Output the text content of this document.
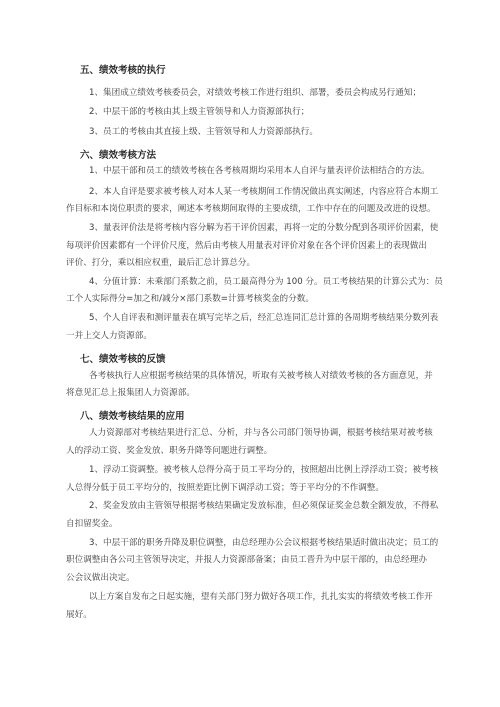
五、绩效考核的执行
1、集团成立绩效考核委员会，对绩效考核工作进行组织、部署，委员会构成另行通知；
2、中层干部的考核由其上级主管领导和人力资源部执行；
3、员工的考核由其直接上级、主管领导和人力资源部执行。
六、绩效考核方法
1、中层干部和员工的绩效考核在各考核周期均采用本人自评与量表评价法相结合的方法。
2、本人自评是要求被考核人对本人某一考核期间工作情况做出真实阐述，内容应符合本期工
作目标和本岗位职责的要求，阐述本考核期间取得的主要成绩，工作中存在的问题及改进的设想。
3、量表评价法是将考核内容分解为若干评价因素，再将一定的分数分配到各项评价因素，使
每项评价因素都有一个评价尺度，然后由考核人用量表对评价对象在各个评价因素上的表现做出
评价、打分，乘以相应权重，最后汇总计算总分。
4、分值计算：未乘部门系数之前，员工最高得分为 100 分。员工考核结果的计算公式为：员
工个人实际得分=加之和/减分×部门系数=计算考核奖金的分数。
5、个人自评表和测评量表在填写完毕之后，经汇总连同汇总计算的各周期考核结果分数列表
一并上交人力资源部。
七、绩效考核的反馈
各考核执行人应根据考核结果的具体情况，听取有关被考核人对绩效考核的各方面意见，并
将意见汇总上报集团人力资源部。
八、绩效考核结果的应用
人力资源部对考核结果进行汇总、分析，并与各公司部门领导协调，根据考核结果对被考核
人的浮动工资、奖金发放、职务升降等问题进行调整。
1、浮动工资调整。被考核人总得分高于员工平均分的，按照超出比例上浮浮动工资；被考核
人总得分低于员工平均分的，按照差距比例下调浮动工资；等于平均分的不作调整。
2、奖金发放由主管领导根据考核结果确定发放标准，但必须保证奖金总数全额发放，不得私
自扣留奖金。
3、中层干部的职务升降及职位调整，由总经理办公会议根据考核结果适时做出决定；员工的
职位调整由各公司主管领导决定，并报人力资源部备案；由员工晋升为中层干部的，由总经理办
公会议做出决定。
以上方案自发布之日起实施，望有关部门努力做好各项工作，扎扎实实的将绩效考核工作开
展好。
